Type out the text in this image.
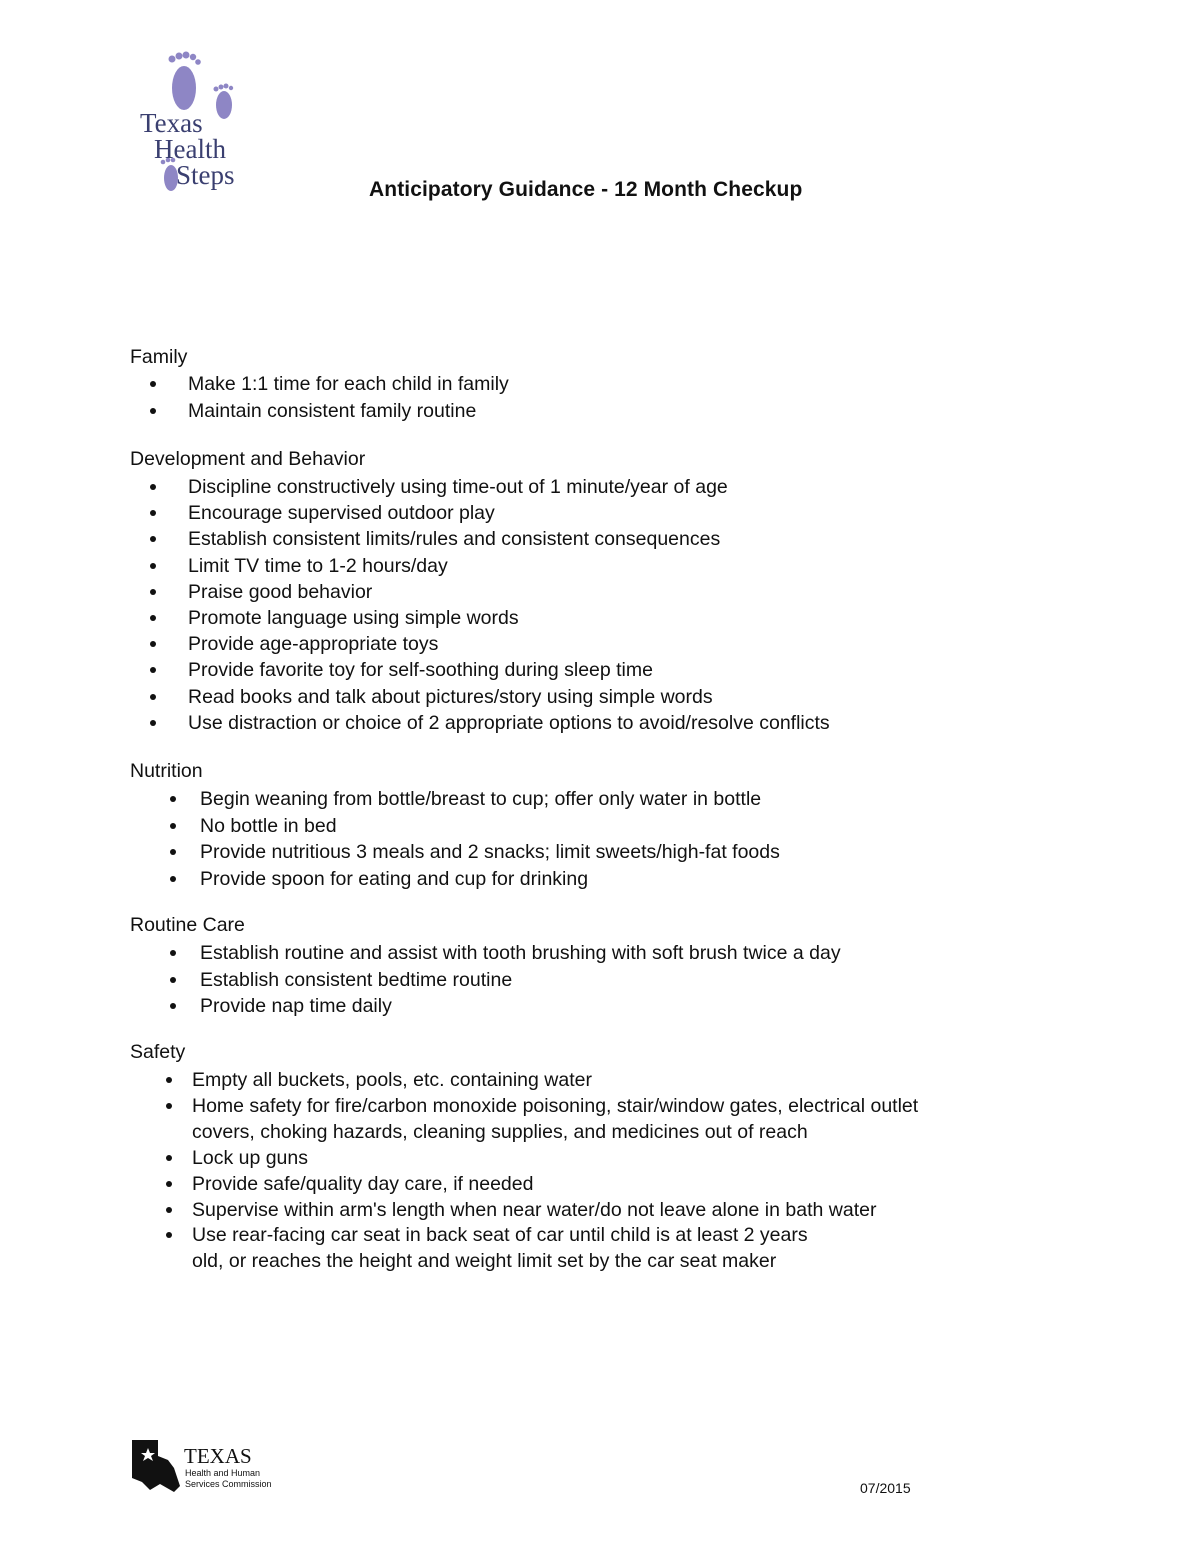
Texas
Health
Steps	Anticipatory Guidance - 12 Month Checkup
Family
Make 1:1 time for each child in family
Maintain consistent family routine
Development and Behavior
Discipline constructively using time-out of 1 minute/year of age
Encourage supervised outdoor play
Establish consistent limits/rules and consistent consequences
Limit TV time to 1-2 hours/day
Praise good behavior
Promote language using simple words
Provide age-appropriate toys
Provide favorite toy for self-soothing during sleep time
Read books and talk about pictures/story using simple words
Use distraction or choice of 2 appropriate options to avoid/resolve conflicts
Nutrition
Begin weaning from bottle/breast to cup; offer only water in bottle
No bottle in bed
Provide nutritious 3 meals and 2 snacks; limit sweets/high-fat foods
Provide spoon for eating and cup for drinking
Routine Care
Establish routine and assist with tooth brushing with soft brush twice a day
Establish consistent bedtime routine
Provide nap time daily
Safety
Empty all buckets, pools, etc. containing water
Home safety for fire/carbon monoxide poisoning, stair/window gates, electrical outlet
covers, choking hazards, cleaning supplies, and medicines out of reach
Lock up guns
Provide safe/quality day care, if needed
Supervise within arm's length when near water/do not leave alone in bath water
Use rear-facing car seat in back seat of car until child is at least 2 years
old, or reaches the height and weight limit set by the car seat maker
TEXAS
Health and Human
Services Commission	07/2015
